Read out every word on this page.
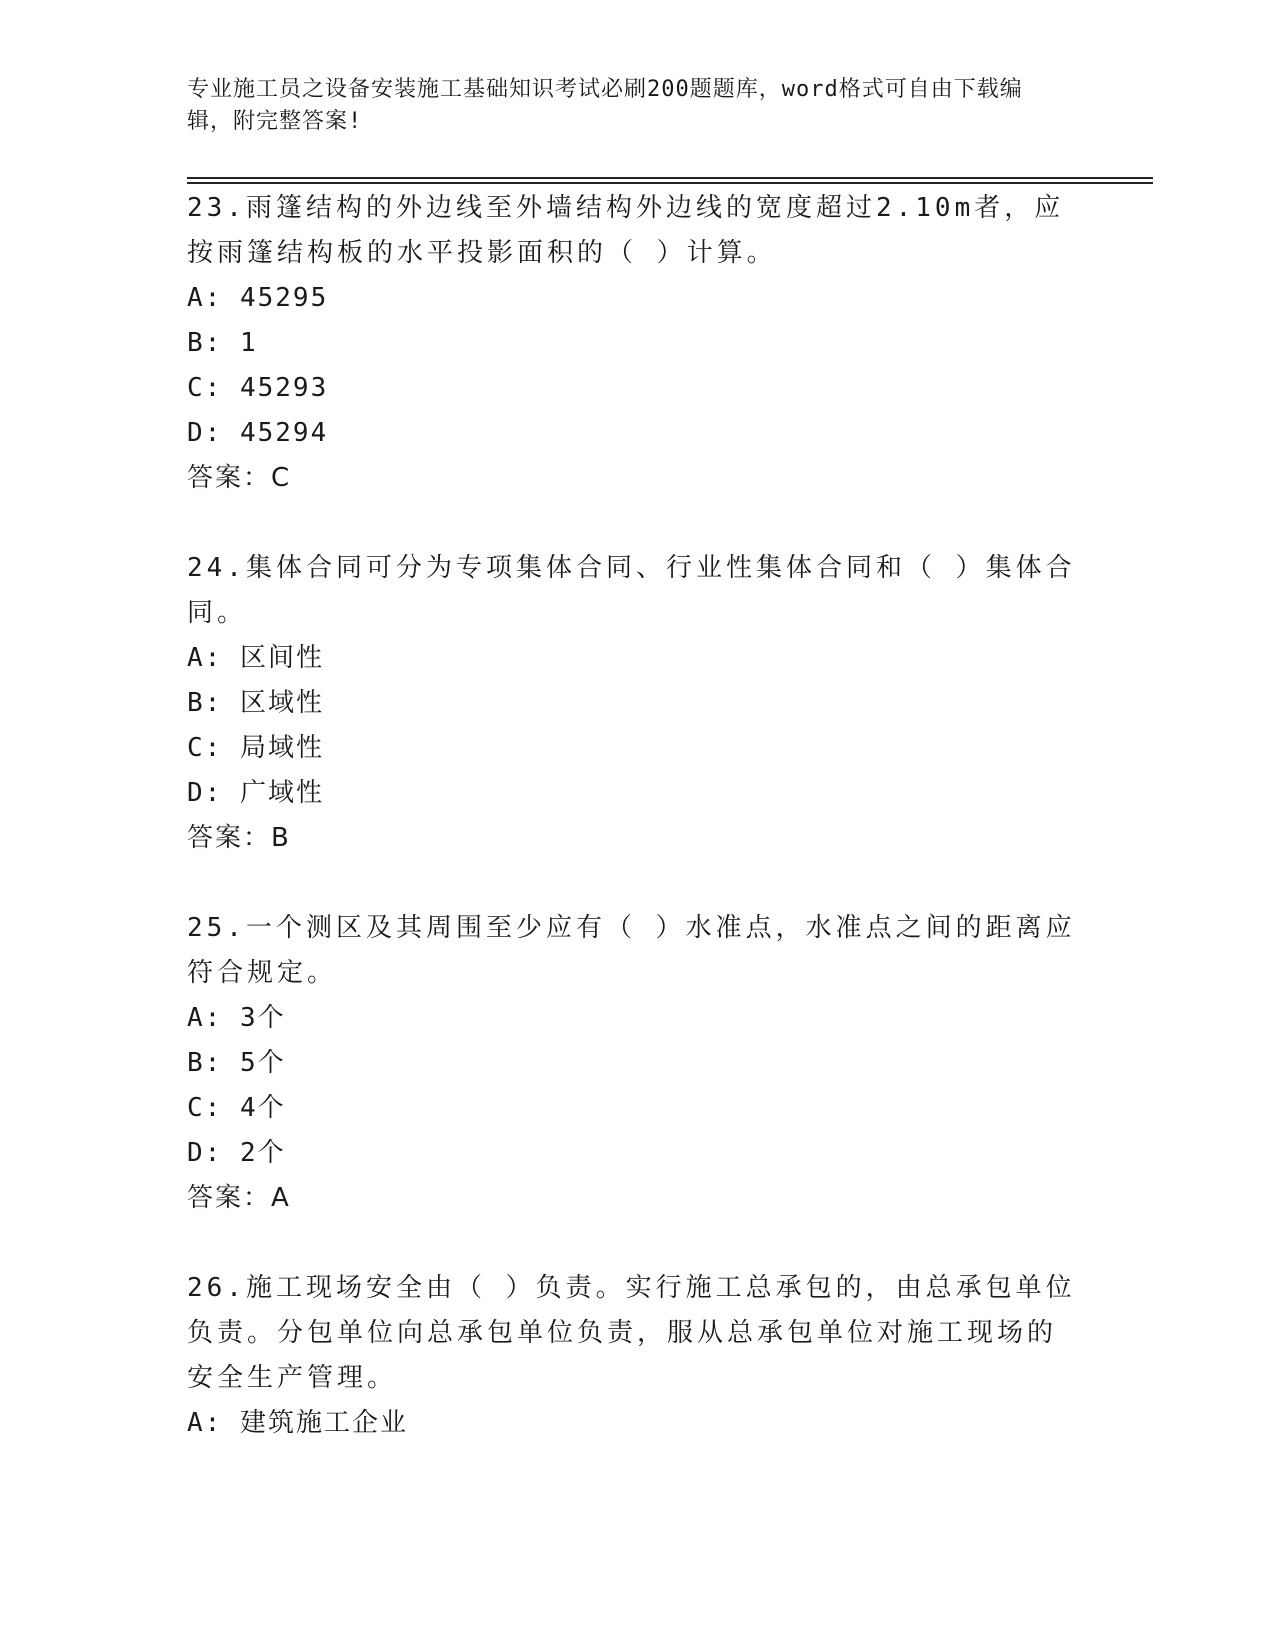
专业施工员之设备安装施工基础知识考试必刷200题题库，word格式可自由下载编辑，附完整答案!
23.雨篷结构的外边线至外墙结构外边线的宽度超过2.10m者，应按雨篷结构板的水平投影面积的（ ）计算。
A: 45295
B: 1
C: 45293
D: 45294
答案：C
24.集体合同可分为专项集体合同、行业性集体合同和（ ）集体合同。
A: 区间性
B: 区域性
C: 局域性
D: 广域性
答案：B
25.一个测区及其周围至少应有（ ）水准点，水准点之间的距离应符合规定。
A: 3个
B: 5个
C: 4个
D: 2个
答案：A
26.施工现场安全由（ ）负责。实行施工总承包的，由总承包单位负责。分包单位向总承包单位负责，服从总承包单位对施工现场的安全生产管理。
A: 建筑施工企业
